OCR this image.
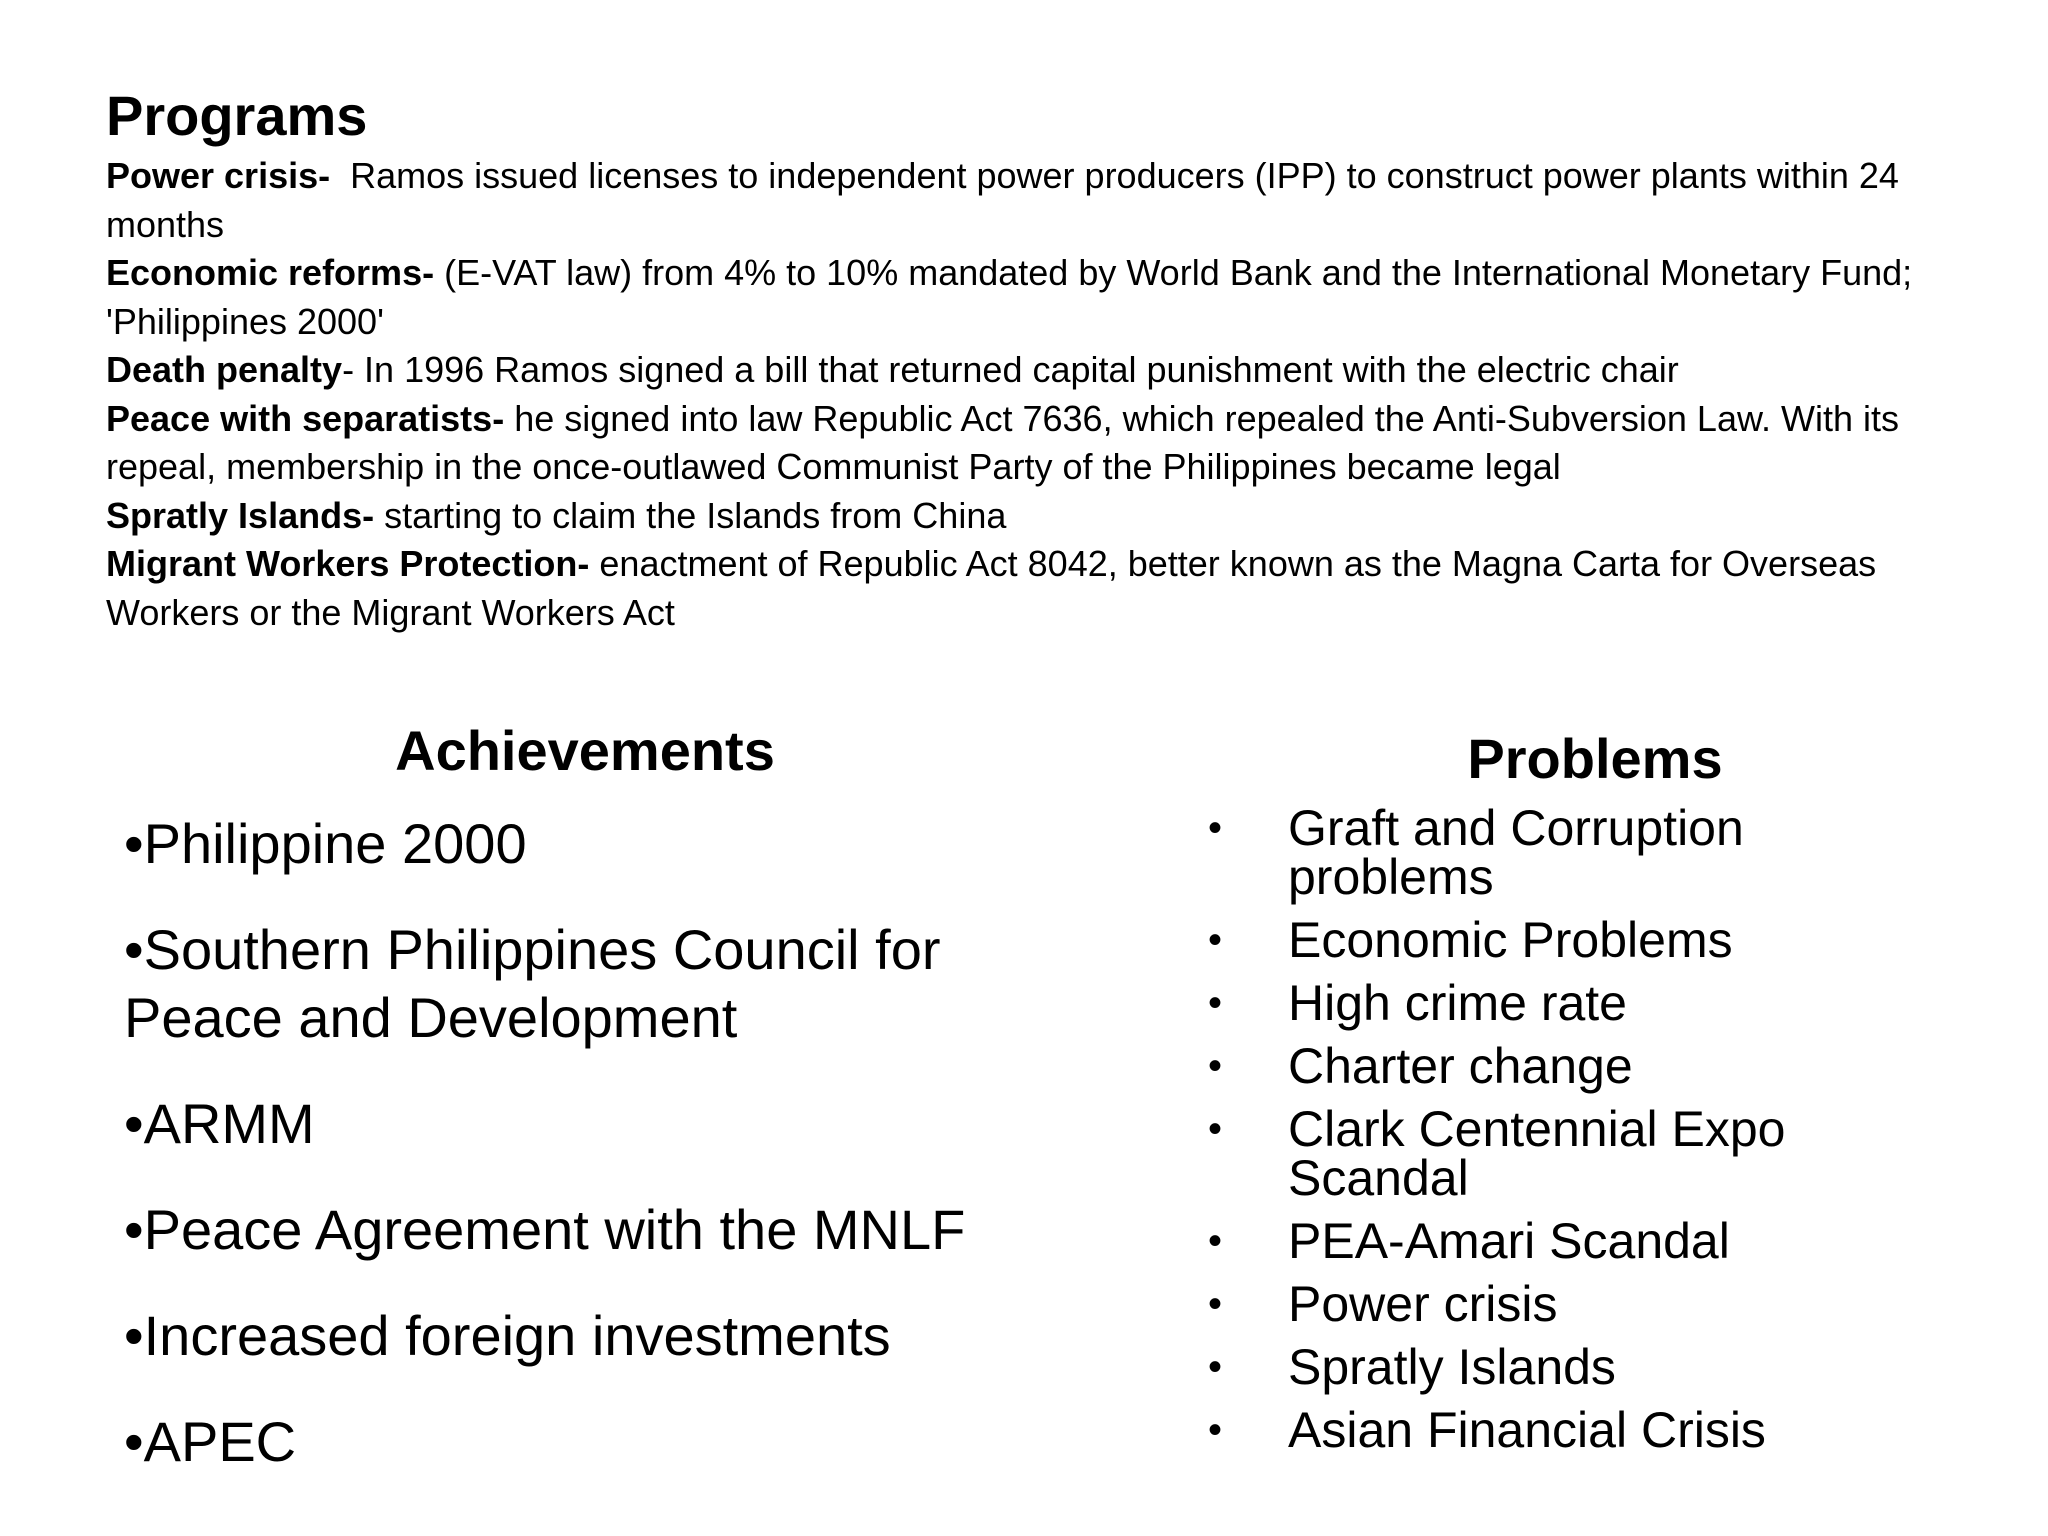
Programs

Power crisis-  Ramos issued licenses to independent power producers (IPP) to construct power plants within 24 months

Economic reforms- (E-VAT law) from 4% to 10% mandated by World Bank and the International Monetary Fund; 'Philippines 2000'

Death penalty- In 1996 Ramos signed a bill that returned capital punishment with the electric chair

Peace with separatists- he signed into law Republic Act 7636, which repealed the Anti-Subversion Law. With its repeal, membership in the once-outlawed Communist Party of the Philippines became legal

Spratly Islands- starting to claim the Islands from China

Migrant Workers Protection- enactment of Republic Act 8042, better known as the Magna Carta for Overseas Workers or the Migrant Workers Act

Achievements
•Philippine 2000
•Southern Philippines Council for Peace and Development
•ARMM
•Peace Agreement with the MNLF
•Increased foreign investments
•APEC
Problems
• Graft and Corruption problems
• Economic Problems
• High crime rate
• Charter change
• Clark Centennial Expo Scandal
• PEA-Amari Scandal
• Power crisis
• Spratly Islands
• Asian Financial Crisis
